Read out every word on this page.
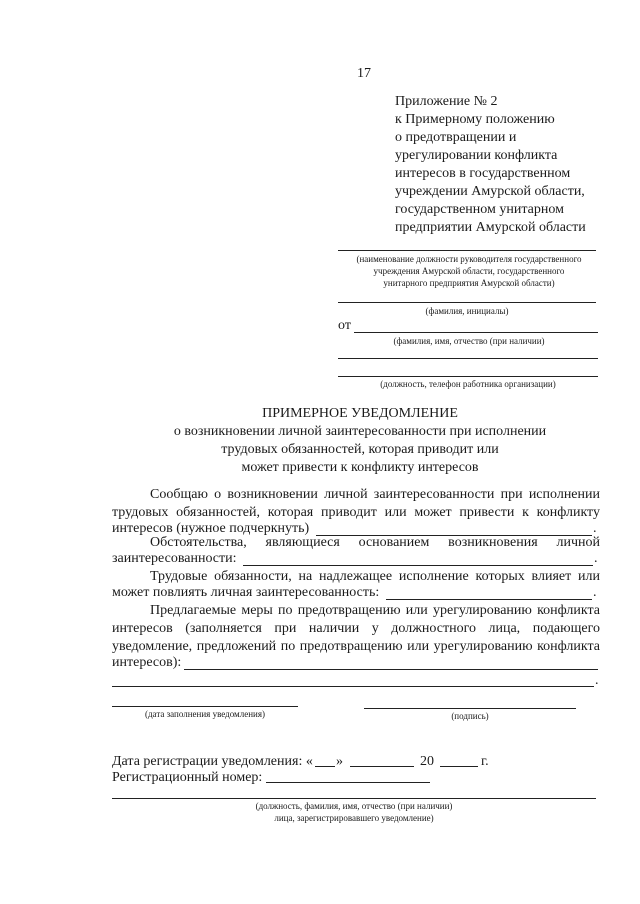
17
Приложение № 2
к Примерному положению
о предотвращении и
урегулировании конфликта
интересов в государственном
учреждении Амурской области,
государственном унитарном
предприятии Амурской области
(наименование должности руководителя государственного
учреждения Амурской области, государственного
унитарного предприятия Амурской области)
(фамилия, инициалы)
от
(фамилия, имя, отчество (при наличии)
(должность, телефон работника организации)
ПРИМЕРНОЕ УВЕДОМЛЕНИЕ
о возникновении личной заинтересованности при исполнении
трудовых обязанностей, которая приводит или
может привести к конфликту интересов
Сообщаю о возникновении личной заинтересованности при исполнении
трудовых обязанностей, которая приводит или может привести к конфликту
интересов (нужное подчеркнуть)	.
Обстоятельства, являющиеся основанием возникновения личной
заинтересованности:	.
Трудовые обязанности, на надлежащее исполнение которых влияет или
может повлиять личная заинтересованность:	.
Предлагаемые меры по предотвращению или урегулированию конфликта
интересов (заполняется при наличии у должностного лица, подающего
уведомление, предложений по предотвращению или урегулированию конфликта
интересов):
.
(дата заполнения уведомления)	(подпись)
Дата регистрации уведомления: « »	20	г.
Регистрационный номер:
(должность, фамилия, имя, отчество (при наличии)
лица, зарегистрировавшего уведомление)
